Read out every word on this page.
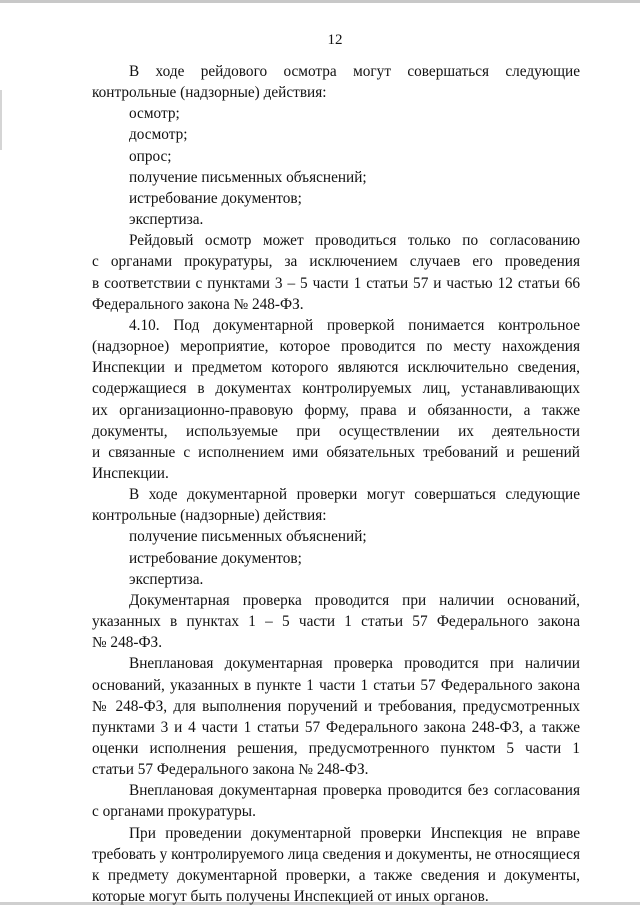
12

В ходе рейдового осмотра могут совершаться следующие

контрольные (надзорные) действия:

осмотр;

досмотр;

опрос;

получение письменных объяснений;

истребование документов;

экспертиза.

Рейдовый осмотр может проводиться только по согласованию

с органами прокуратуры, за исключением случаев его проведения

в соответствии с пунктами 3 – 5 части 1 статьи 57 и частью 12 статьи 66

Федерального закона № 248-ФЗ.

4.10. Под документарной проверкой понимается контрольное

(надзорное) мероприятие, которое проводится по месту нахождения

Инспекции и предметом которого являются исключительно сведения,

содержащиеся в документах контролируемых лиц, устанавливающих

их организационно-правовую форму, права и обязанности, а также

документы, используемые при осуществлении их деятельности

и связанные с исполнением ими обязательных требований и решений

Инспекции.

В ходе документарной проверки могут совершаться следующие

контрольные (надзорные) действия:

получение письменных объяснений;

истребование документов;

экспертиза.

Документарная проверка проводится при наличии оснований,

указанных в пунктах 1 – 5 части 1 статьи 57 Федерального закона

№ 248-ФЗ.

Внеплановая документарная проверка проводится при наличии

оснований, указанных в пункте 1 части 1 статьи 57 Федерального закона

№ 248-ФЗ, для выполнения поручений и требования, предусмотренных

пунктами 3 и 4 части 1 статьи 57 Федерального закона 248-ФЗ, а также

оценки исполнения решения, предусмотренного пунктом 5 части 1

статьи 57 Федерального закона № 248-ФЗ.

Внеплановая документарная проверка проводится без согласования

с органами прокуратуры.

При проведении документарной проверки Инспекция не вправе

требовать у контролируемого лица сведения и документы, не относящиеся

к предмету документарной проверки, а также сведения и документы,

которые могут быть получены Инспекцией от иных органов.
